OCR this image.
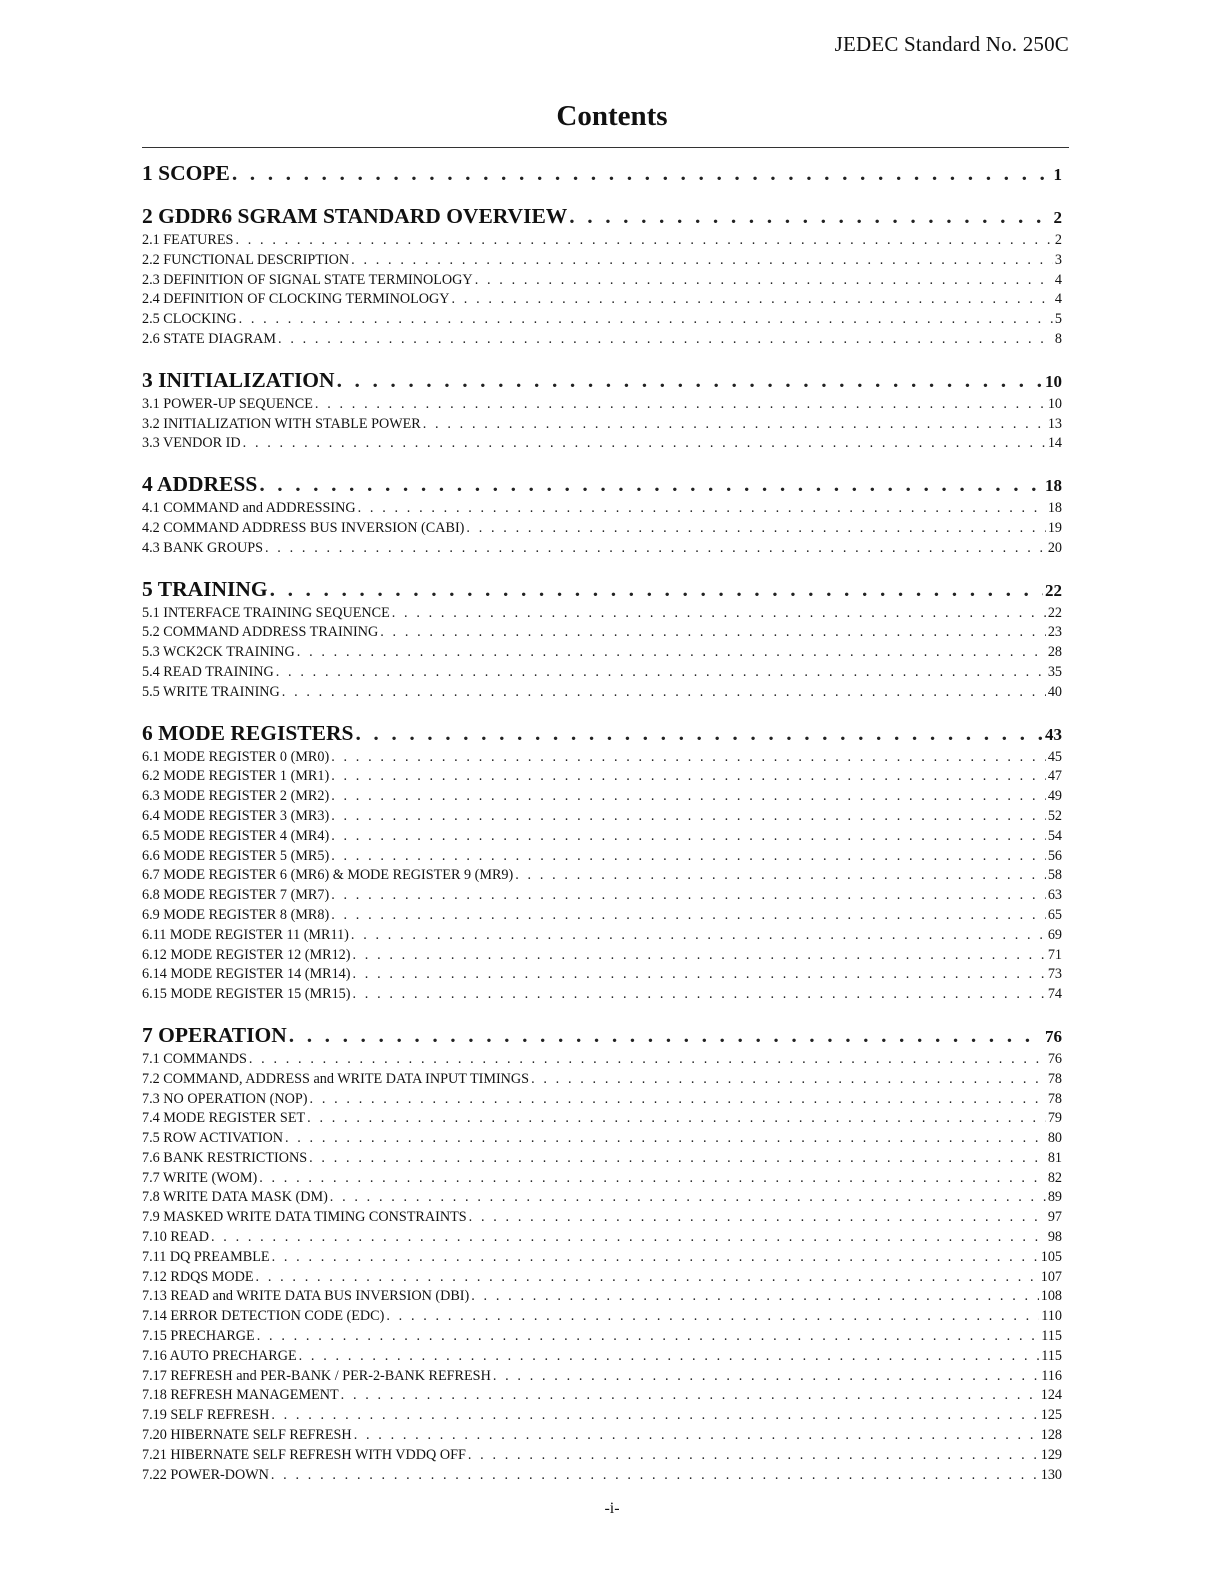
JEDEC Standard No. 250C
Contents
1 SCOPE . . .	1
2 GDDR6 SGRAM STANDARD OVERVIEW . . .	2
2.1 FEATURES . . .	2
2.2 FUNCTIONAL DESCRIPTION . . .	3
2.3 DEFINITION OF SIGNAL STATE TERMINOLOGY . . .	4
2.4 DEFINITION OF CLOCKING TERMINOLOGY . . .	4
2.5 CLOCKING . . .	5
2.6 STATE DIAGRAM . . .	8
3 INITIALIZATION . . .	10
3.1 POWER-UP SEQUENCE . . .	10
3.2 INITIALIZATION WITH STABLE POWER . . .	13
3.3 VENDOR ID . . .	14
4 ADDRESS . . .	18
4.1 COMMAND and ADDRESSING . . .	18
4.2 COMMAND ADDRESS BUS INVERSION (CABI) . . .	19
4.3 BANK GROUPS . . .	20
5 TRAINING . . .	22
5.1 INTERFACE TRAINING SEQUENCE . . .	22
5.2 COMMAND ADDRESS TRAINING . . .	23
5.3 WCK2CK TRAINING . . .	28
5.4 READ TRAINING . . .	35
5.5 WRITE TRAINING . . .	40
6 MODE REGISTERS . . .	43
6.1 MODE REGISTER 0 (MR0) . . .	45
6.2 MODE REGISTER 1 (MR1) . . .	47
6.3 MODE REGISTER 2 (MR2) . . .	49
6.4 MODE REGISTER 3 (MR3) . . .	52
6.5 MODE REGISTER 4 (MR4) . . .	54
6.6 MODE REGISTER 5 (MR5) . . .	56
6.7 MODE REGISTER 6 (MR6) & MODE REGISTER 9 (MR9) . . .	58
6.8 MODE REGISTER 7 (MR7) . . .	63
6.9 MODE REGISTER 8 (MR8) . . .	65
6.11 MODE REGISTER 11 (MR11) . . .	69
6.12 MODE REGISTER 12 (MR12) . . .	71
6.14 MODE REGISTER 14 (MR14) . . .	73
6.15 MODE REGISTER 15 (MR15) . . .	74
7 OPERATION . . .	76
7.1 COMMANDS . . .	76
7.2 COMMAND, ADDRESS and WRITE DATA INPUT TIMINGS . . .	78
7.3 NO OPERATION (NOP) . . .	78
7.4 MODE REGISTER SET . . .	79
7.5 ROW ACTIVATION . . .	80
7.6 BANK RESTRICTIONS . . .	81
7.7 WRITE (WOM) . . .	82
7.8 WRITE DATA MASK (DM) . . .	89
7.9 MASKED WRITE DATA TIMING CONSTRAINTS . . .	97
7.10 READ . . .	98
7.11 DQ PREAMBLE . . .	105
7.12 RDQS MODE . . .	107
7.13 READ and WRITE DATA BUS INVERSION (DBI) . . .	108
7.14 ERROR DETECTION CODE (EDC) . . .	110
7.15 PRECHARGE . . .	115
7.16 AUTO PRECHARGE . . .	115
7.17 REFRESH and PER-BANK / PER-2-BANK REFRESH . . .	116
7.18 REFRESH MANAGEMENT . . .	124
7.19 SELF REFRESH . . .	125
7.20 HIBERNATE SELF REFRESH . . .	128
7.21 HIBERNATE SELF REFRESH WITH VDDQ OFF . . .	129
7.22 POWER-DOWN . . .	130
-i-
